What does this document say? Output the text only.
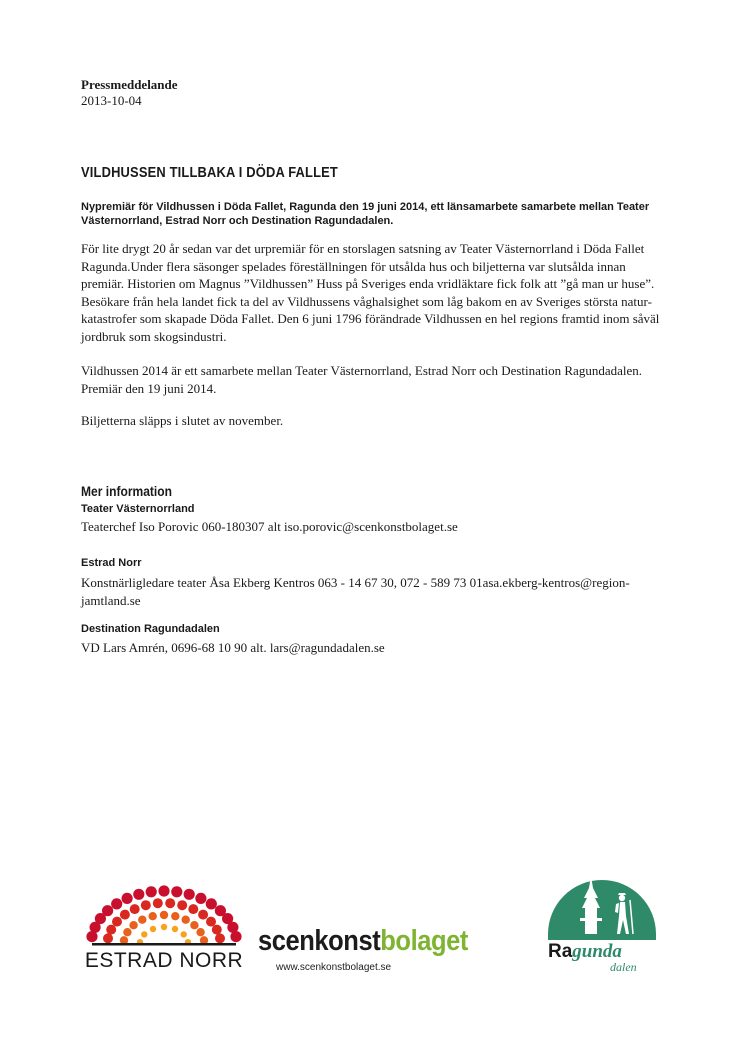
Pressmeddelande
2013-10-04
VILDHUSSEN TILLBAKA I DÖDA FALLET
Nypremiär för Vildhussen i Döda Fallet, Ragunda den 19 juni 2014, ett länsamarbete samarbete mellan Teater Västernorrland, Estrad Norr och Destination Ragundadalen.
För lite drygt 20 år sedan var det urpremiär för en storslagen satsning av Teater Västernorrland i Döda Fallet Ragunda.Under flera säsonger spelades föreställningen för utsålda hus och biljetterna var slutsålda innan premiär. Historien om Magnus ”Vildhussen” Huss på Sveriges enda vridläktare fick folk att ”gå man ur huse”. Besökare från hela landet fick ta del av Vildhussens våghalsighet som låg bakom en av Sveriges största natur-katastrofer som skapade Döda Fallet. Den 6 juni 1796 förändrade Vildhussen en hel regions framtid inom såväl jordbruk som skogsindustri.
Vildhussen 2014 är ett samarbete mellan Teater Västernorrland, Estrad Norr och Destination Ragundadalen. Premiär den 19 juni 2014.
Biljetterna släpps i slutet av november.
Mer information
Teater Västernorrland
Teaterchef Iso Porovic 060-180307 alt iso.porovic@scenkonstbolaget.se
Estrad Norr
Konstnärligledare teater Åsa Ekberg Kentros 063 - 14 67 30, 072 - 589 73 01asa.ekberg-kentros@region-jamtland.se
Destination Ragundadalen
VD Lars Amrén, 0696-68 10 90 alt. lars@ragundadalen.se
ESTRAD NORR
scenkonstbolaget
www.scenkonstbolaget.se
Ragunda
dalen
